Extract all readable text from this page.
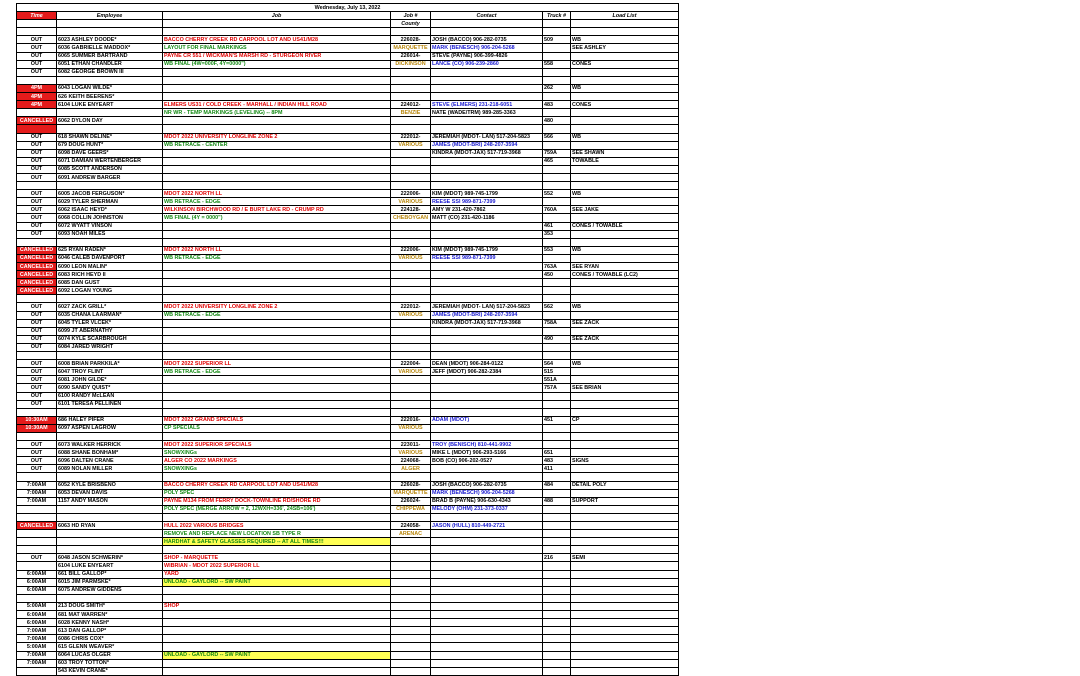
Wednesday, July 13, 2022						
Time	Employee	Job	Job #	Contact	Truck #	Load List
			County			

OUT	6023 ASHLEY DOODE*	BACCO CHERRY CREEK RD CARPOOL LOT AND US41/M28	226028-	JOSH (BACCO) 906-282-0735	509	WB
OUT	6036 GABRIELLE MADDOX*	LAYOUT FOR FINAL MARKINGS	MARQUETTE	MARK (BENESCH) 906-204-5268		SEE ASHLEY
OUT	6065 SUMMER BARTRAND	PAYNE CR 551 / WICKMAN'S MARSH RD - STURGEON RIVER	226014-	STEVE (PAYNE) 906-399-4826		
OUT	6051 ETHAN CHANDLER	WB FINAL (4W=000F, 4Y=0000")	DICKINSON	LANCE (CO) 906-239-2860	558	CONES
OUT	6082 GEORGE BROWN III					

4PM	6043 LOGAN WILDE*				262	WB
4PM	626 KEITH BEERENS*					
4PM	6104 LUKE ENYEART	ELMERS US31 / COLD CREEK - MARHALL / INDIAN HILL ROAD	224012-	STEVE (ELMERS) 231-218-6051	483	CONES
		NR WR - TEMP MARKINGS (LEVELING) -- 8PM	BENZIE	NATE (WADE/TRM) 989-285-3363		
CANCELLED	6062 DYLON DAY				480	

OUT	618 SHAWN DELINE*	MDOT 2022 UNIVERSITY LONGLINE ZONE 2	222012-	JEREMIAH (MDOT- LAN) 517-204-5823	566	WB
OUT	679 DOUG HUNT*	WB RETRACE - CENTER	VARIOUS	JAMES (MDOT-BRI) 248-207-3594		
OUT	6098 DAVE GEERS*			KINDRA (MDOT-JAX) 517-719-3968	759A	SEE SHAWN
OUT	6071 DAMIAN WERTENBERGER				465	TOWABLE
OUT	6085 SCOTT ANDERSON					
OUT	6091 ANDREW BARGER					

OUT	6005 JACOB FERGUSON*	MDOT 2022 NORTH LL	222006-	KIM (MDOT) 989-745-1799	552	WB
OUT	6029 TYLER SHERMAN	WB RETRACE - EDGE	VARIOUS	REESE SSI 989-871-7399		
OUT	6062 ISAAC HEYD*	WILKINSON BIRCHWOOD RD / E BURT LAKE RD - CRUMP RD	224128-	AMY W 231-420-7862	760A	SEE JAKE
OUT	6068 COLLIN JOHNSTON	WB FINAL (4Y = 0000")	CHEBOYGAN	MATT (CO) 231-420-1186		
OUT	6072 WYATT VINSON				461	CONES / TOWABLE
OUT	6093 NOAH MILES				353	

CANCELLED	625 RYAN RADEN*	MDOT 2022 NORTH LL	222006-	KIM (MDOT) 989-745-1799	553	WB
CANCELLED	6046 CALEB DAVENPORT	WB RETRACE - EDGE	VARIOUS	REESE SSI 989-871-7399		
CANCELLED	6090 LEON MALIN*				763A	SEE RYAN
CANCELLED	6083 RICH HEYD II				450	CONES / TOWABLE (LC2)
CANCELLED	6085 DAN GUST					
CANCELLED	6092 LOGAN YOUNG					

OUT	6027 ZACK GRILL*	MDOT 2022 UNIVERSITY LONGLINE ZONE 2	222012-	JEREMIAH (MDOT- LAN) 517-204-5823	562	WB
OUT	6035 CHANA LAARMAN*	WB RETRACE - EDGE	VARIOUS	JAMES (MDOT-BRI) 248-207-3594		
OUT	6045 TYLER VLCEK*			KINDRA (MDOT-JAX) 517-719-3968	758A	SEE ZACK
OUT	6099 JT ABERNATHY					
OUT	6074 KYLE SCARBROUGH				490	SEE ZACK
OUT	6084 JARED WRIGHT					

OUT	6008 BRIAN PARKKILA*	MDOT 2022 SUPERIOR LL	222004-	DEAN (MDOT) 906-284-0122	564	WB
OUT	6047 TROY FLINT	WB RETRACE - EDGE	VARIOUS	JEFF (MDOT) 906-282-2384	515	
OUT	6081 JOHN GILDE*				551A	
OUT	6090 SANDY QUIST*				757A	SEE BRIAN
OUT	6100 RANDY McLEAN					
OUT	6101 TERESA PELLINEN					

10:30AM	686 HALEY PIFER	MDOT 2022 GRAND SPECIALS	222016-	ADAM (MDOT)	451	CP
10:30AM	6097 ASPEN LAGROW	CP SPECIALS	VARIOUS			

OUT	6073 WALKER HERRICK	MDOT 2022 SUPERIOR SPECIALS	223011-	TROY (BENISCH) 810-441-9902		
OUT	6088 SHANE BONHAM*	SNOWXINGs	VARIOUS	MIKE L (MDOT) 906-293-5166	651	
OUT	6096 DALTEN CRANE	ALGER CO 2022 MARKINGS	224068-	BOB (CO) 906-202-0527	483	SIGNS
OUT	6089 NOLAN MILLER	SNOWXINGs	ALGER		411	

7:00AM	6052 KYLE BRISBENO	BACCO CHERRY CREEK RD CARPOOL LOT AND US41/M28	226028-	JOSH (BACCO) 906-282-0735	484	DETAIL POLY
7:00AM	6053 DEVAN DAVIS	POLY SPEC	MARQUETTE	MARK (BENESCH) 906-204-5268		
7:00AM	1157 ANDY MASON	PAYNE M134 FROM FERRY DOCK-TOWNLINE RD/SHORE RD	226024-	BRAD B (PAYNE) 906-630-4343	488	SUPPORT
		POLY SPEC (MERGE ARROW = 2, 12WXH=336', 24SB=106')	CHIPPEWA	MELODY (OHM) 231-373-0337		

CANCELLED	6063 HD RYAN	HULL 2022 VARIOUS BRIDGES	224058-	JASON (HULL) 810-449-2721		
		REMOVE AND REPLACE NEW LOCATION SB TYPE R	ARENAC			
		HARDHAT & SAFETY GLASSES REQUIRED -- AT ALL TIMES!!!				

OUT	6048 JASON SCHWERIN*	SHOP - MARQUETTE			216	SEMI
	6104 LUKE ENYEART	WIBRIAN - MDOT 2022 SUPERIOR LL				
6:00AM	661 BILL GALLOP*	YARD				
6:00AM	6015 JIM PARMSKE*	UNLOAD - GAYLORD -- SW PAINT				
6:00AM	6075 ANDREW GIDDENS					

5:00AM	213 DOUG SMITH*	SHOP				
6:00AM	681 MAT WARREN*					
6:00AM	6028 KENNY NASH*					
7:00AM	613 DAN GALLOP*					
7:00AM	6086 CHRIS COX*					
5:00AM	615 GLENN WEAVER*					
7:00AM	6064 LUCAS OLGER	UNLOAD - GAYLORD -- SW PAINT				
7:00AM	603 TROY TOTTON*					
	543 KEVIN CRANE*					
